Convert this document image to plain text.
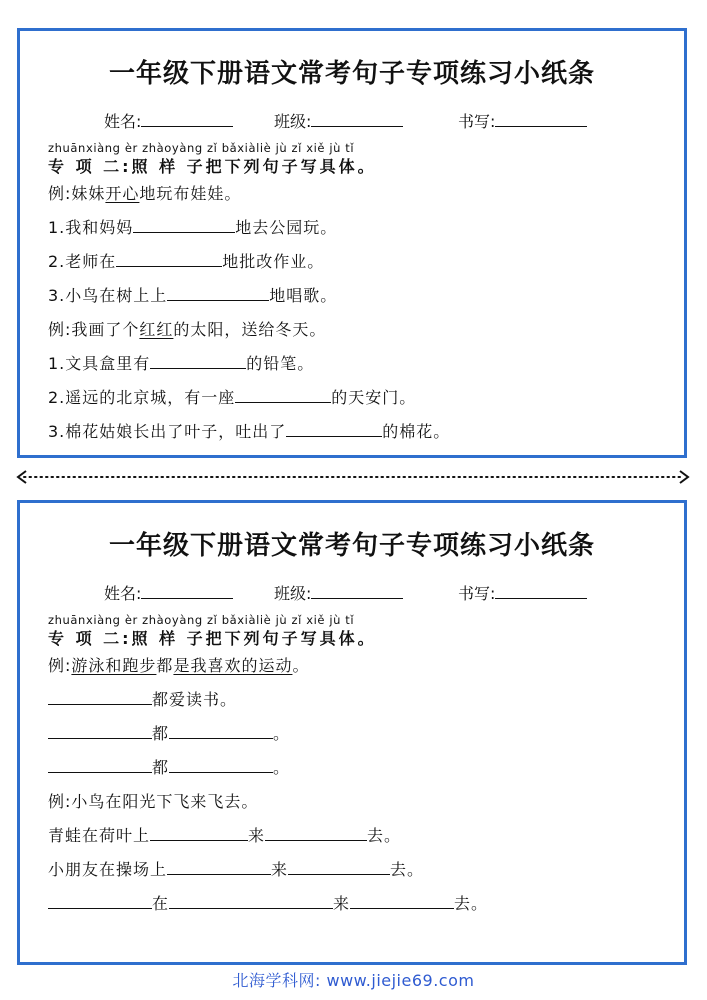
一年级下册语文常考句子专项练习小纸条
姓名:	班级:	书写:
zhuānxiàng èr zhàoyàng zǐ bǎxiàliè jù zǐ xiě jù tǐ
专 项 二:照 样 子把下列句子写具体。
例:妹妹开心地玩布娃娃。
1.我和妈妈	地去公园玩。
2.老师在	地批改作业。
3.小鸟在树上上	地唱歌。
例:我画了个红红的太阳，送给冬天。
1.文具盒里有	的铅笔。
2.遥远的北京城，有一座	的天安门。
3.棉花姑娘长出了叶子，吐出了	的棉花。
一年级下册语文常考句子专项练习小纸条
姓名:	班级:	书写:
zhuānxiàng èr zhàoyàng zǐ bǎxiàliè jù zǐ xiě jù tǐ
专 项 二:照 样 子把下列句子写具体。
例:游泳和跑步都是我喜欢的运动。
都爱读书。
都	。
都	。
例:小鸟在阳光下飞来飞去。
青蛙在荷叶上	来	去。
小朋友在操场上	来	去。
在	来	去。
北海学科网: www.jiejie69.com
